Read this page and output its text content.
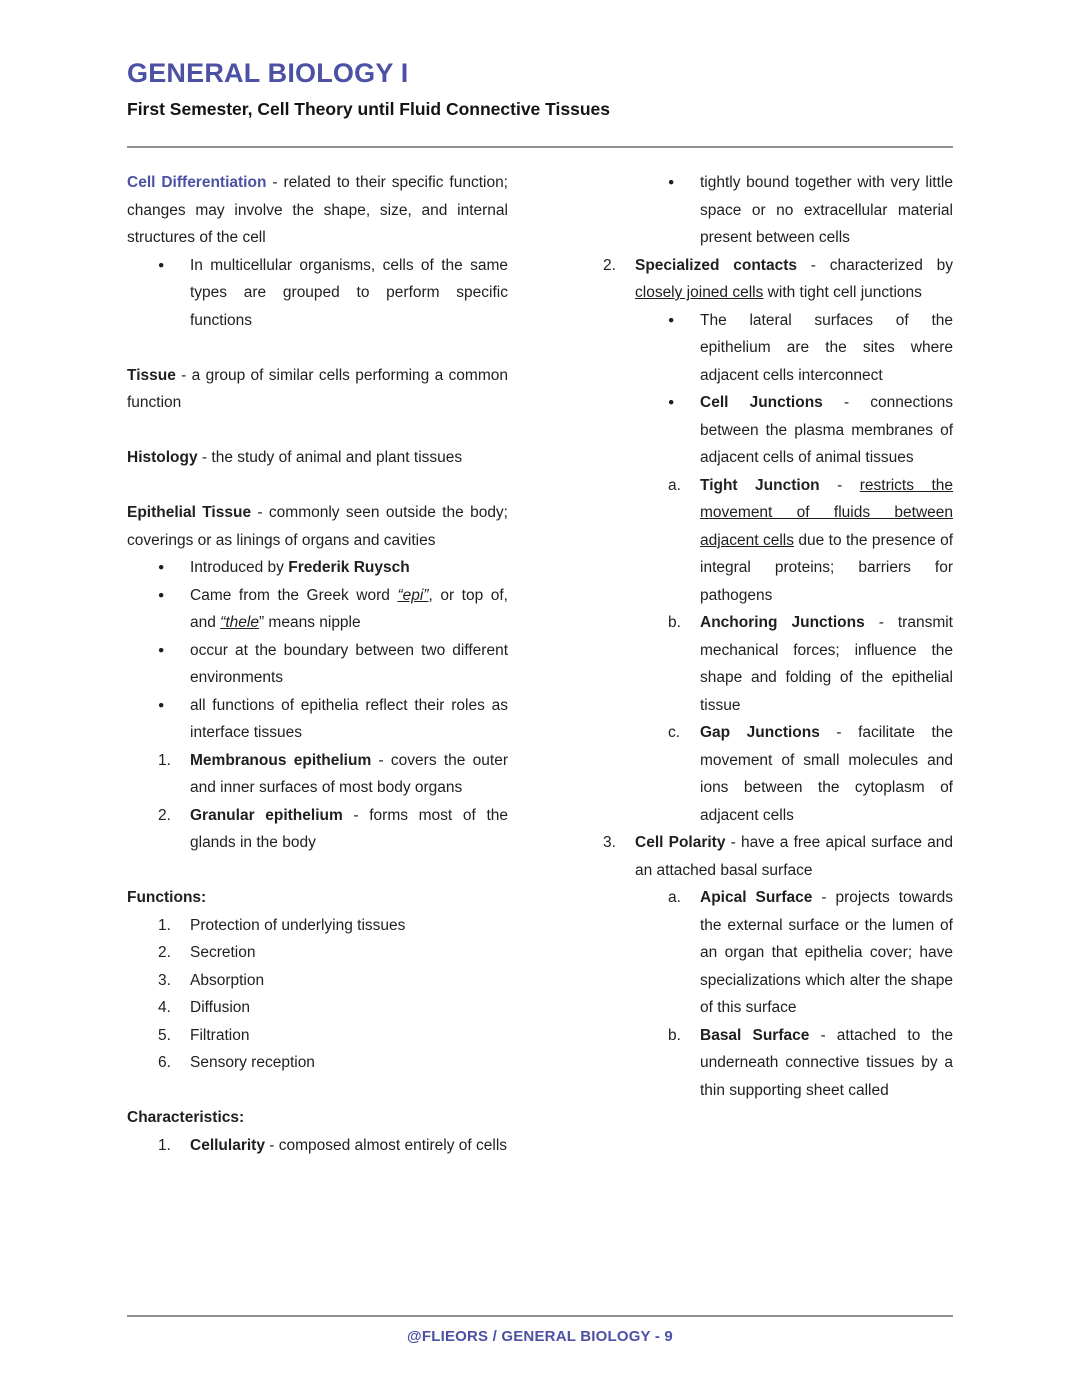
GENERAL BIOLOGY I
First Semester, Cell Theory until Fluid Connective Tissues
Cell Differentiation - related to their specific function; changes may involve the shape, size, and internal structures of the cell
● In multicellular organisms, cells of the same types are grouped to perform specific functions
Tissue - a group of similar cells performing a common function
Histology - the study of animal and plant tissues
Epithelial Tissue - commonly seen outside the body; coverings or as linings of organs and cavities
● Introduced by Frederik Ruysch
● Came from the Greek word “epi”, or top of, and “thele” means nipple
● occur at the boundary between two different environments
● all functions of epithelia reflect their roles as interface tissues
1. Membranous epithelium - covers the outer and inner surfaces of most body organs
2. Granular epithelium - forms most of the glands in the body
Functions:
1. Protection of underlying tissues
2. Secretion
3. Absorption
4. Diffusion
5. Filtration
6. Sensory reception
Characteristics:
1. Cellularity - composed almost entirely of cells
● tightly bound together with very little space or no extracellular material present between cells
2. Specialized contacts - characterized by closely joined cells with tight cell junctions
● The lateral surfaces of the epithelium are the sites where adjacent cells interconnect
● Cell Junctions - connections between the plasma membranes of adjacent cells of animal tissues
a. Tight Junction - restricts the movement of fluids between adjacent cells due to the presence of integral proteins; barriers for pathogens
b. Anchoring Junctions - transmit mechanical forces; influence the shape and folding of the epithelial tissue
c. Gap Junctions - facilitate the movement of small molecules and ions between the cytoplasm of adjacent cells
3. Cell Polarity - have a free apical surface and an attached basal surface
a. Apical Surface - projects towards the external surface or the lumen of an organ that epithelia cover; have specializations which alter the shape of this surface
b. Basal Surface - attached to the underneath connective tissues by a thin supporting sheet called
@FLIEORS / GENERAL BIOLOGY - 9
